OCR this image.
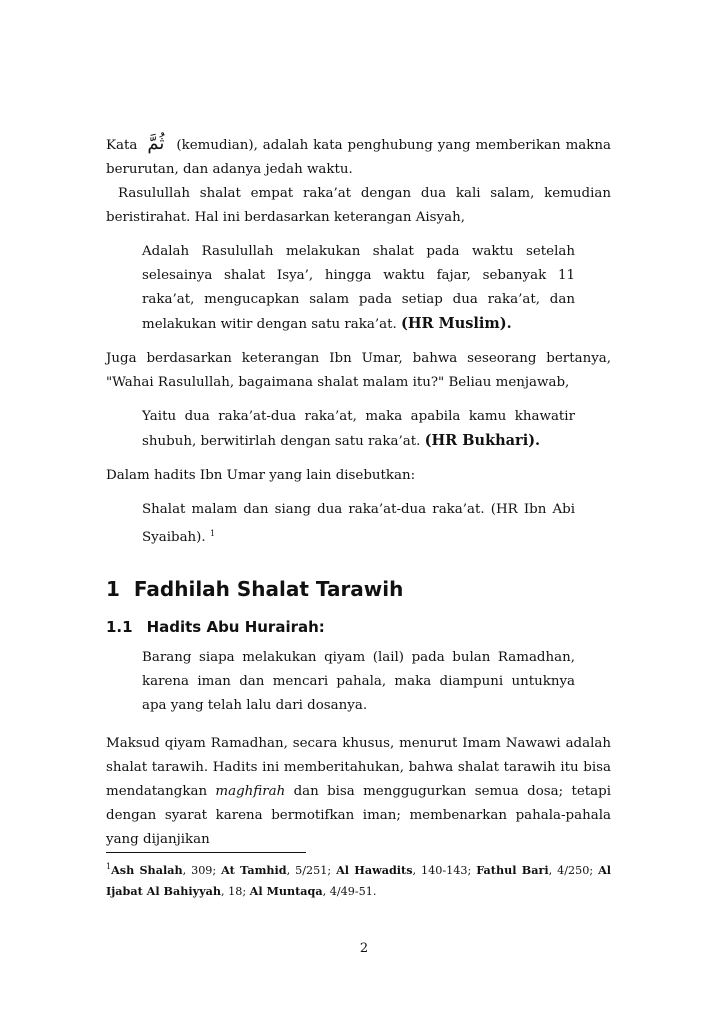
Kata ثُمَّ (kemudian), adalah kata penghubung yang memberikan makna berurutan, dan adanya jedah waktu.

Rasulullah shalat empat raka’at dengan dua kali salam, kemudian beristirahat. Hal ini berdasarkan keterangan Aisyah,

Adalah Rasulullah melakukan shalat pada waktu setelah selesainya shalat Isya’, hingga waktu fajar, sebanyak 11 raka’at, mengucapkan salam pada setiap dua raka’at, dan melakukan witir dengan satu raka’at. (HR Muslim).

Juga berdasarkan keterangan Ibn Umar, bahwa seseorang bertanya, "Wahai Rasulullah, bagaimana shalat malam itu?" Beliau menjawab,

Yaitu dua raka’at-dua raka’at, maka apabila kamu khawatir shubuh, berwitirlah dengan satu raka’at. (HR Bukhari).

Dalam hadits Ibn Umar yang lain disebutkan:

Shalat malam dan siang dua raka’at-dua raka’at. (HR Ibn Abi Syaibah). $^1$

1 Fadhilah Shalat Tarawih
1.1 Hadits Abu Hurairah:

Barang siapa melakukan qiyam (lail) pada bulan Ramadhan, karena iman dan mencari pahala, maka diampuni untuknya apa yang telah lalu dari dosanya.

Maksud qiyam Ramadhan, secara khusus, menurut Imam Nawawi adalah shalat tarawih. Hadits ini memberitahukan, bahwa shalat tarawih itu bisa mendatangkan maghfirah dan bisa menggugurkan semua dosa; tetapi dengan syarat karena bermotifkan iman; membenarkan pahala-pahala yang dijanjikan

$^1$Ash Shalah, 309; At Tamhid, 5/251; Al Hawadits, 140-143; Fathul Bari, 4/250; Al Ijabat Al Bahiyyah, 18; Al Muntaqa, 4/49-51.
2
